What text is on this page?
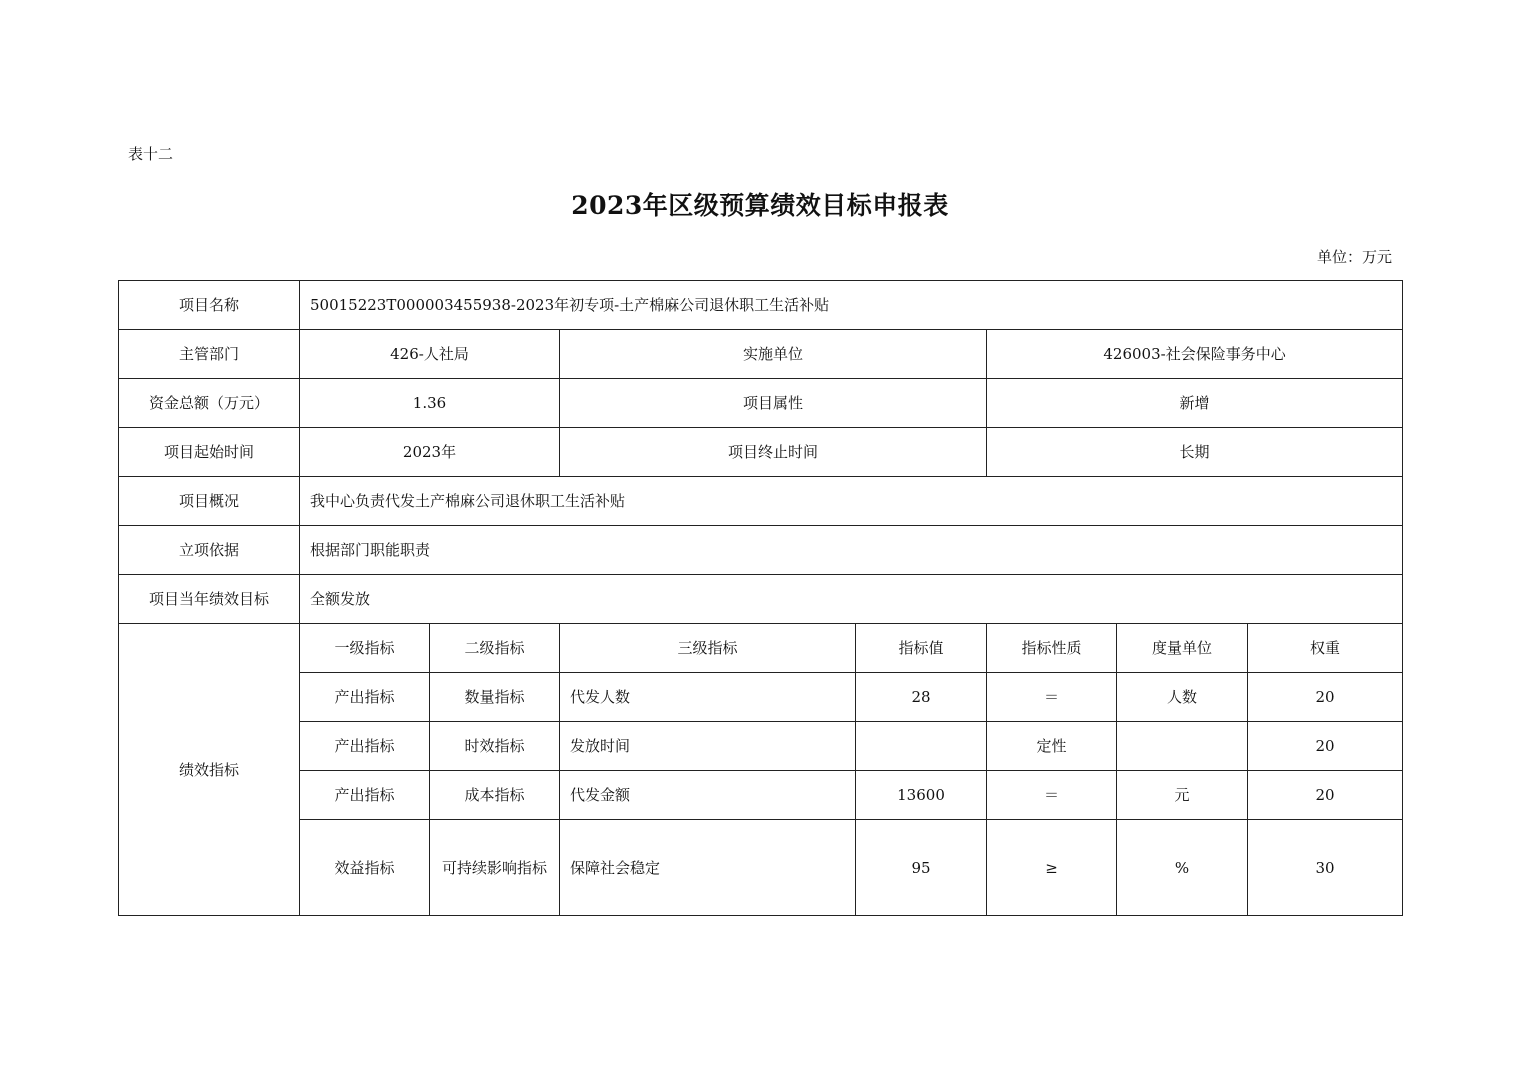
表十二
2023年区级预算绩效目标申报表
单位：万元
项目名称	50015223T000003455938-2023年初专项-土产棉麻公司退休职工生活补贴						
主管部门	426-人社局		实施单位		426003-社会保险事务中心		
资金总额（万元）	1.36		项目属性		新增		
项目起始时间	2023年		项目终止时间		长期		
项目概况	我中心负责代发土产棉麻公司退休职工生活补贴						
立项依据	根据部门职能职责						
项目当年绩效目标	全额发放						
绩效指标	一级指标	二级指标	三级指标	指标值	指标性质	度量单位	权重
	产出指标	数量指标	代发人数	28	＝	人数	20
	产出指标	时效指标	发放时间		定性		20
	产出指标	成本指标	代发金额	13600	＝	元	20
	效益指标	可持续影响指标	保障社会稳定	95	≥	%	30
